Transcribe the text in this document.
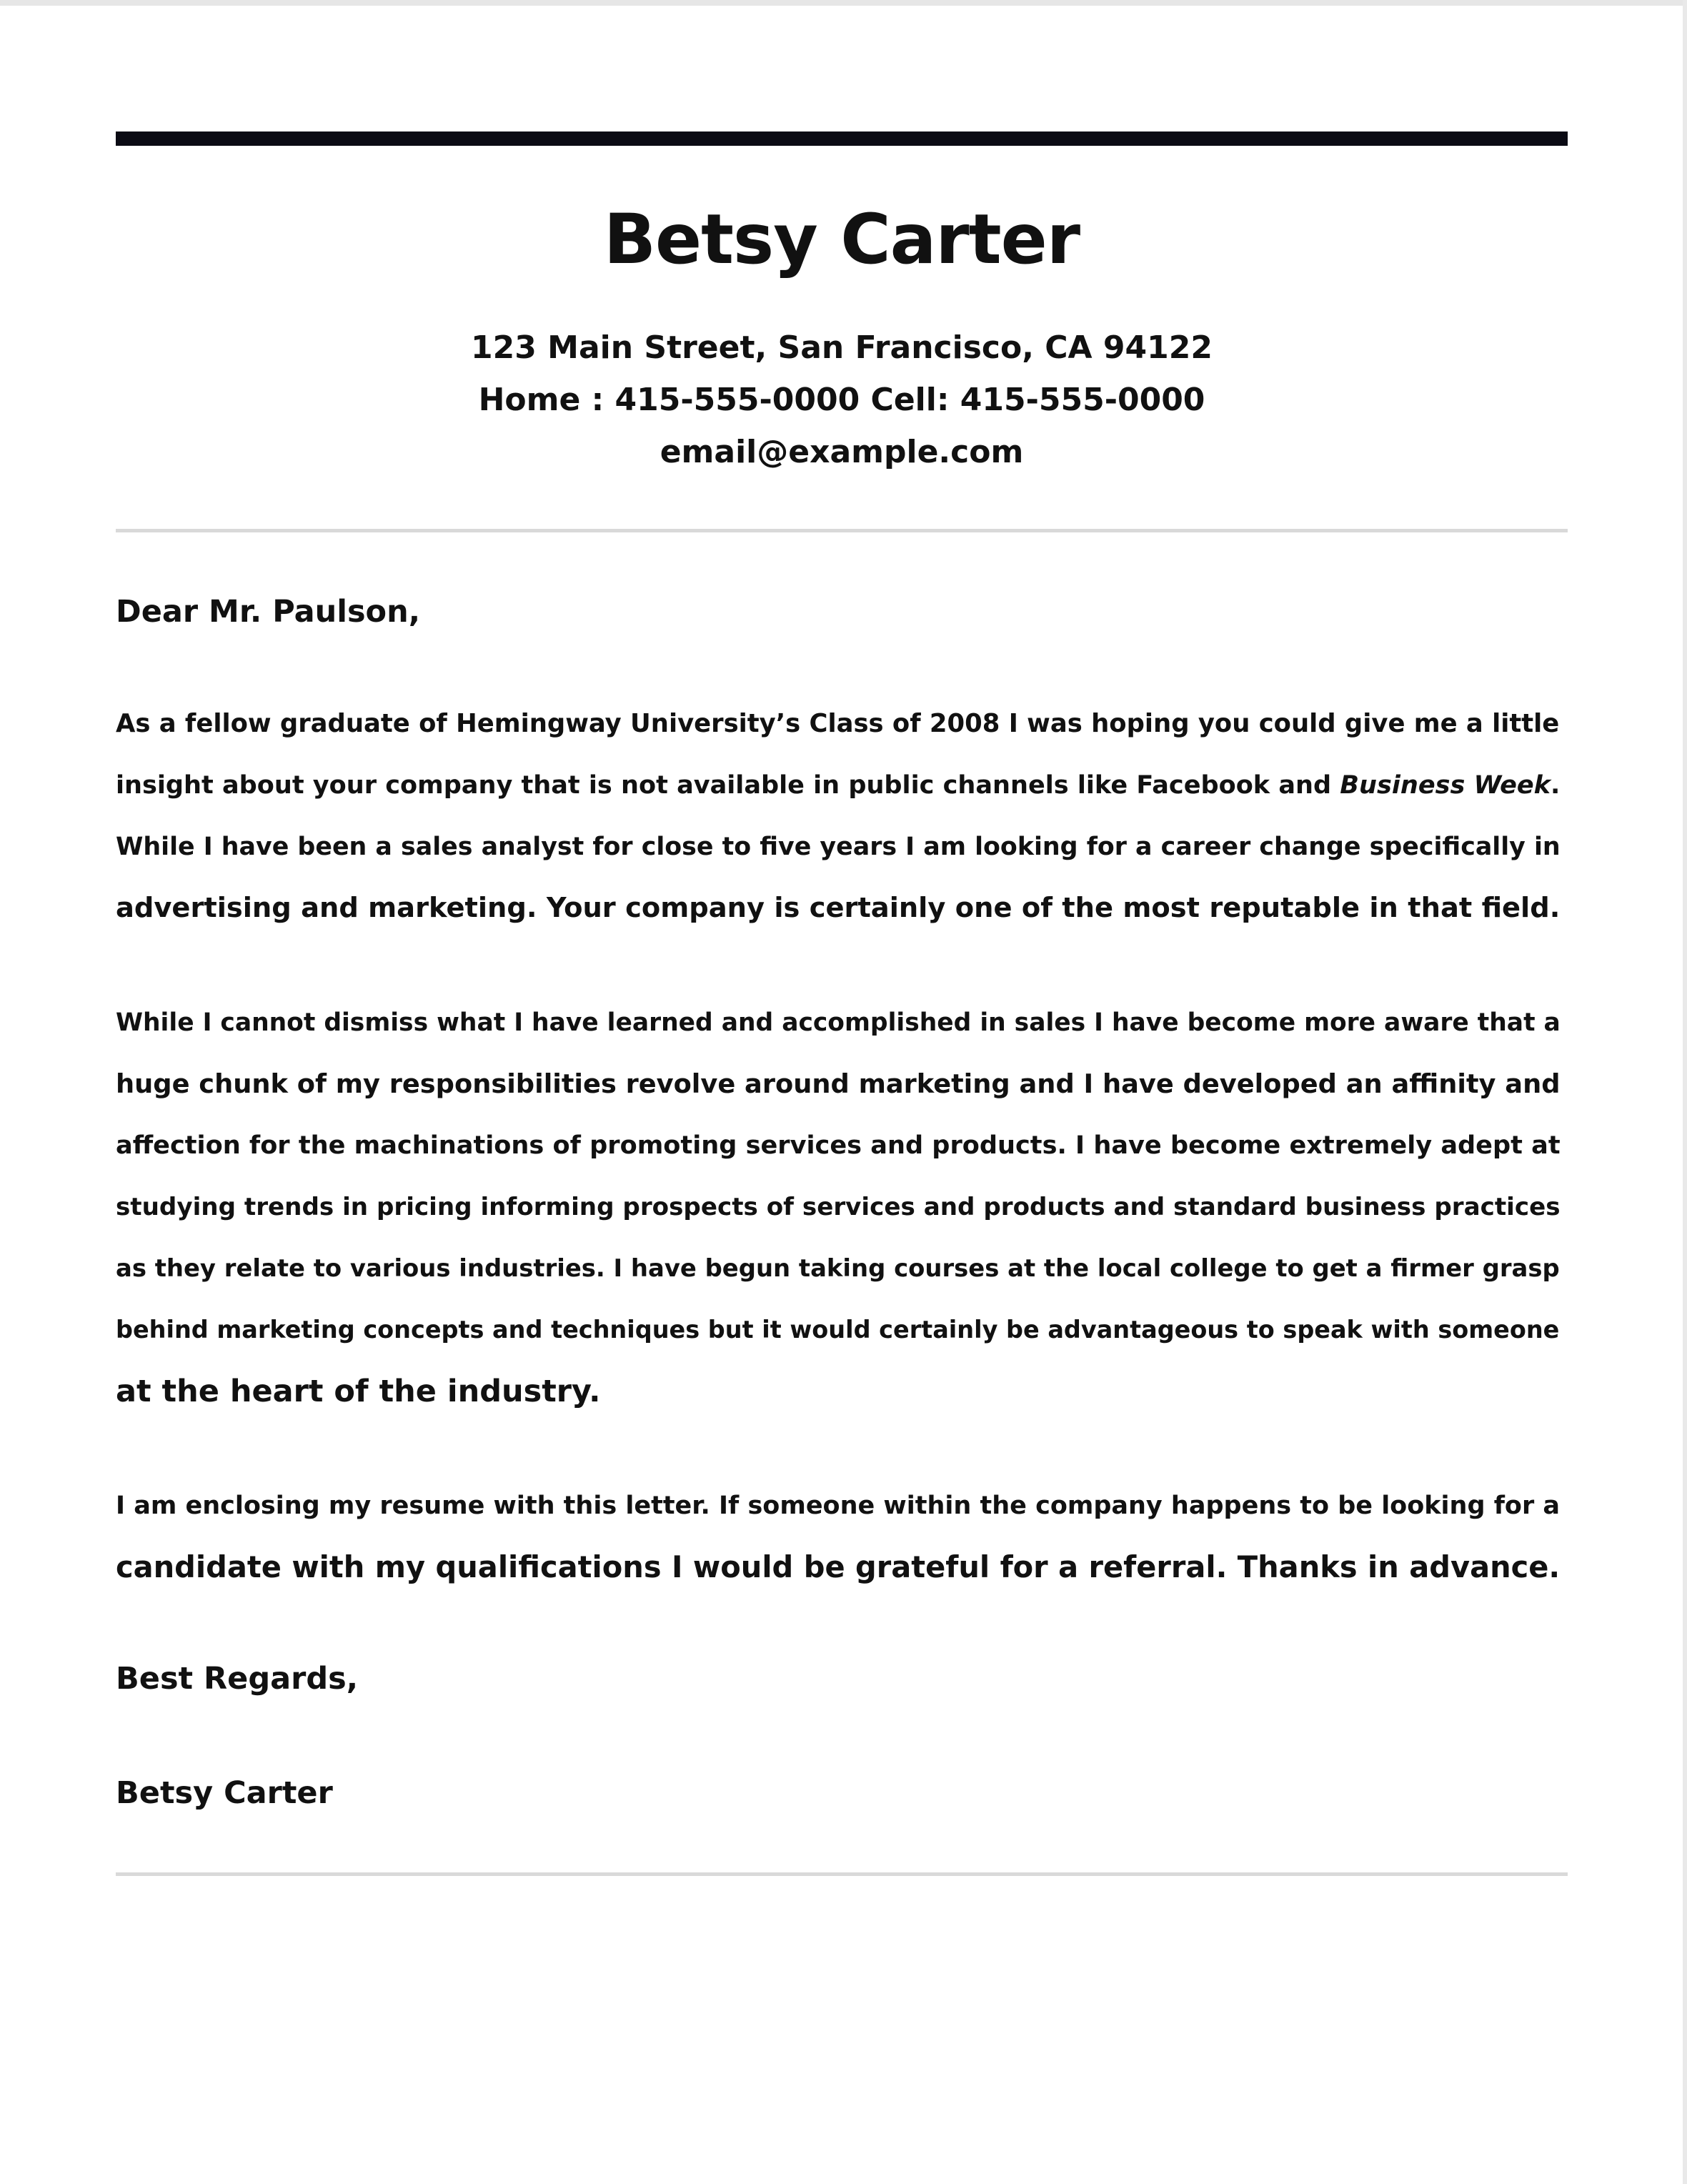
Betsy Carter
123 Main Street, San Francisco, CA 94122
Home : 415-555-0000 Cell: 415-555-0000
email@example.com

Dear Mr. Paulson,

As a fellow graduate of Hemingway University’s Class of 2008 I was hoping you could give me a little
insight about your company that is not available in public channels like Facebook and Business Week.
While I have been a sales analyst for close to five years I am looking for a career change specifically in
advertising and marketing. Your company is certainly one of the most reputable in that field.

While I cannot dismiss what I have learned and accomplished in sales I have become more aware that a
huge chunk of my responsibilities revolve around marketing and I have developed an affinity and
affection for the machinations of promoting services and products. I have become extremely adept at
studying trends in pricing informing prospects of services and products and standard business practices
as they relate to various industries. I have begun taking courses at the local college to get a firmer grasp
behind marketing concepts and techniques but it would certainly be advantageous to speak with someone
at the heart of the industry.

I am enclosing my resume with this letter. If someone within the company happens to be looking for a
candidate with my qualifications I would be grateful for a referral. Thanks in advance.

Best Regards,

Betsy Carter
